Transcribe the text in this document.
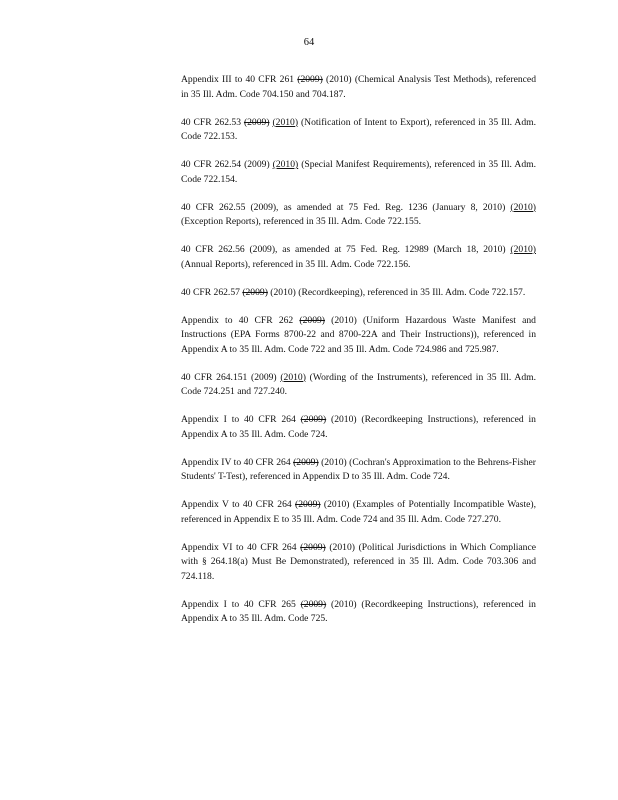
64

Appendix III to 40 CFR 261 (2009) (2010) (Chemical Analysis Test Methods), referenced in 35 Ill. Adm. Code 704.150 and 704.187.

40 CFR 262.53 (2009) (2010) (Notification of Intent to Export), referenced in 35 Ill. Adm. Code 722.153.

40 CFR 262.54 (2009) (2010) (Special Manifest Requirements), referenced in 35 Ill. Adm. Code 722.154.

40 CFR 262.55 (2009), as amended at 75 Fed. Reg. 1236 (January 8, 2010) (2010) (Exception Reports), referenced in 35 Ill. Adm. Code 722.155.

40 CFR 262.56 (2009), as amended at 75 Fed. Reg. 12989 (March 18, 2010) (2010) (Annual Reports), referenced in 35 Ill. Adm. Code 722.156.

40 CFR 262.57 (2009) (2010) (Recordkeeping), referenced in 35 Ill. Adm. Code 722.157.

Appendix to 40 CFR 262 (2009) (2010) (Uniform Hazardous Waste Manifest and Instructions (EPA Forms 8700-22 and 8700-22A and Their Instructions)), referenced in Appendix A to 35 Ill. Adm. Code 722 and 35 Ill. Adm. Code 724.986 and 725.987.

40 CFR 264.151 (2009) (2010) (Wording of the Instruments), referenced in 35 Ill. Adm. Code 724.251 and 727.240.

Appendix I to 40 CFR 264 (2009) (2010) (Recordkeeping Instructions), referenced in Appendix A to 35 Ill. Adm. Code 724.

Appendix IV to 40 CFR 264 (2009) (2010) (Cochran's Approximation to the Behrens-Fisher Students' T-Test), referenced in Appendix D to 35 Ill. Adm. Code 724.

Appendix V to 40 CFR 264 (2009) (2010) (Examples of Potentially Incompatible Waste), referenced in Appendix E to 35 Ill. Adm. Code 724 and 35 Ill. Adm. Code 727.270.

Appendix VI to 40 CFR 264 (2009) (2010) (Political Jurisdictions in Which Compliance with § 264.18(a) Must Be Demonstrated), referenced in 35 Ill. Adm. Code 703.306 and 724.118.

Appendix I to 40 CFR 265 (2009) (2010) (Recordkeeping Instructions), referenced in Appendix A to 35 Ill. Adm. Code 725.
